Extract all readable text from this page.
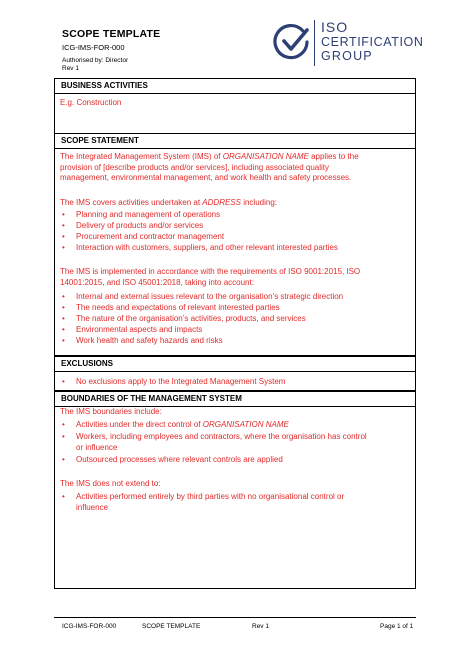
SCOPE TEMPLATE
ICG-IMS-FOR-000
Authorised by: Director
Rev 1
ISO
CERTIFICATION
GROUP
BUSINESS ACTIVITIES
SCOPE STATEMENT
E.g. Construction
The Integrated Management System (IMS) of ORGANISATION NAME applies to the
provision of [describe products and/or services], including associated quality
management, environmental management, and work health and safety processes.
The IMS covers activities undertaken at ADDRESS including:
• Planning and management of operations
• Delivery of products and/or services
• Procurement and contractor management
• Interaction with customers, suppliers, and other relevant interested parties
The IMS is implemented in accordance with the requirements of ISO 9001:2015, ISO
14001:2015, and ISO 45001:2018, taking into account:
• Internal and external issues relevant to the organisation’s strategic direction
• The needs and expectations of relevant interested parties
• The nature of the organisation’s activities, products, and services
• Environmental aspects and impacts
• Work health and safety hazards and risks
EXCLUSIONS
• No exclusions apply to the Integrated Management System
BOUNDARIES OF THE MANAGEMENT SYSTEM
The IMS boundaries include:
• Activities under the direct control of ORGANISATION NAME
• Workers, including employees and contractors, where the organisation has control
or influence
• Outsourced processes where relevant controls are applied
The IMS does not extend to:
• Activities performed entirely by third parties with no organisational control or
influence
ICG-IMS-FOR-000	SCOPE TEMPLATE	Rev 1	Page 1 of 1
